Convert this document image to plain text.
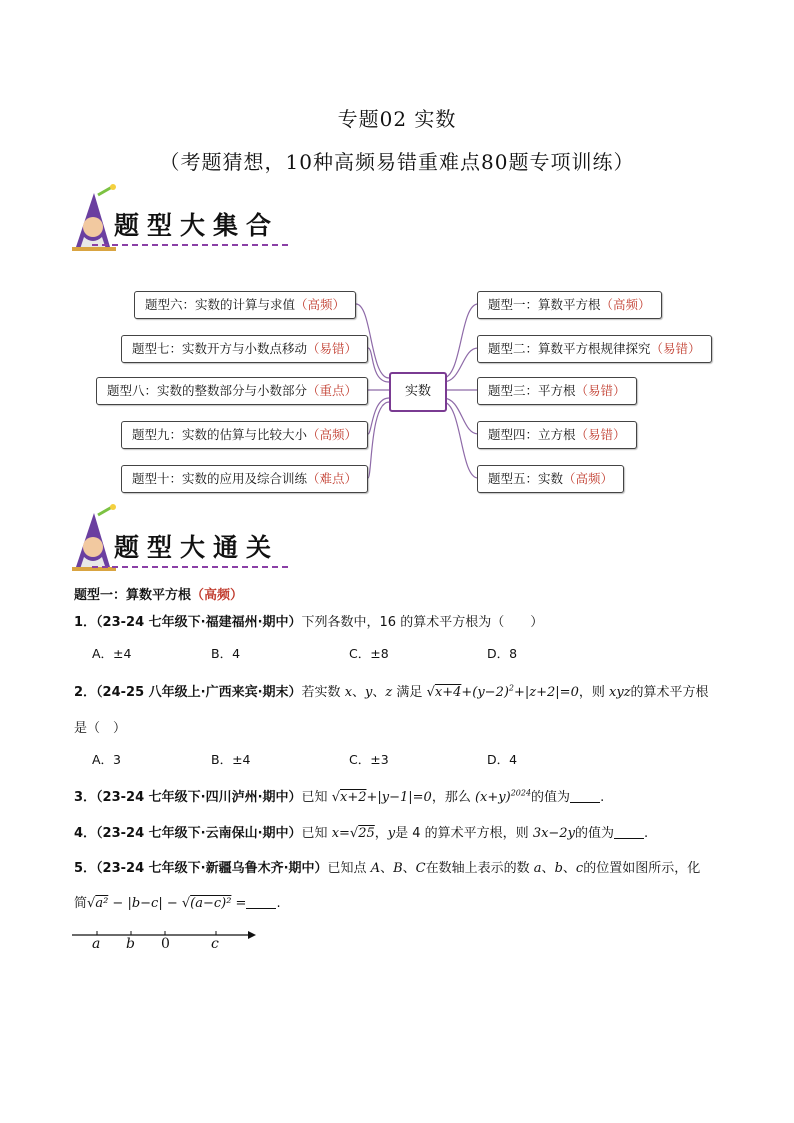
专题02 实数
（考题猜想，10种高频易错重难点80题专项训练）
题型大集合
题型六：实数的计算与求值（高频）
题型七：实数开方与小数点移动（易错）
题型八：实数的整数部分与小数部分（重点）
题型九：实数的估算与比较大小（高频）
题型十：实数的应用及综合训练（难点）
实数
题型一：算数平方根（高频）
题型二：算数平方根规律探究（易错）
题型三：平方根（易错）
题型四：立方根（易错）
题型五：实数（高频）
题型大通关
题型一：算数平方根（高频）
1．（23-24 七年级下·福建福州·期中）下列各数中，16 的算术平方根为（　　）
A．±4	B．4	C．±8	D．8
2．（24-25 八年级上·广西来宾·期末）若实数 x、y、z 满足 $√x+4+(y-2)^2+|z+2|=0$，则 xyz的算术平方根
是（　）
A．3	B．±4	C．±3	D．4
3．（23-24 七年级下·四川泸州·期中）已知 √x+2+|y−1|=0，那么 $(x+y)^{2024}$的值为 .
4．（23-24 七年级下·云南保山·期中）已知 x=√25，y是 4 的算术平方根，则 3x−2y的值为 .
5．（23-24 七年级下·新疆乌鲁木齐·期中）已知点 A、B、C在数轴上表示的数 a、b、c的位置如图所示，化
简√a² − |b−c| − √(a−c)² = .
a b 0	c
